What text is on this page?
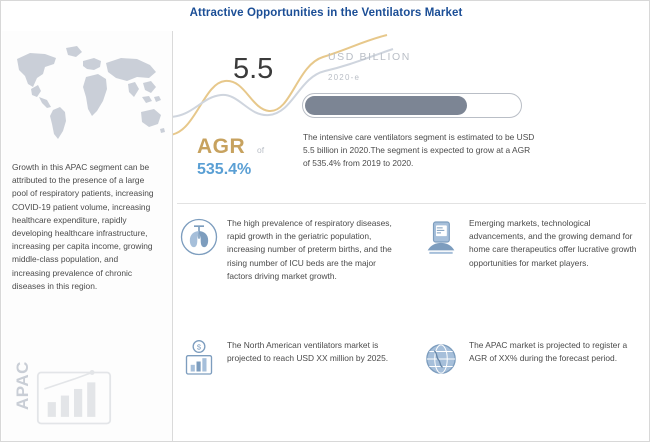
Attractive Opportunities in the Ventilators Market
Growth in this APAC segment can be attributed to the presence of a large pool of respiratory patients, increasing COVID-19 patient volume, increasing healthcare expenditure, rapidly developing healthcare infrastructure, increasing per capita income, growing middle-class population, and increasing prevalence of chronic diseases in this region.
APAC
5.5	USD BILLION
2020-e
AGR of
535.4%
The intensive care ventilators segment is estimated to be USD 5.5 billion in 2020.The segment is expected to grow at a AGR of 535.4% from 2019 to 2020.
The high prevalence of respiratory diseases, rapid growth in the geriatric population, increasing number of preterm births, and the rising number of ICU beds are the major factors driving market growth.
Emerging markets, technological advancements, and the growing demand for home care therapeutics offer lucrative growth opportunities for market players.
$	The North American ventilators market is projected to reach USD XX million by 2025.
The APAC market is projected to register a AGR of XX% during the forecast period.
